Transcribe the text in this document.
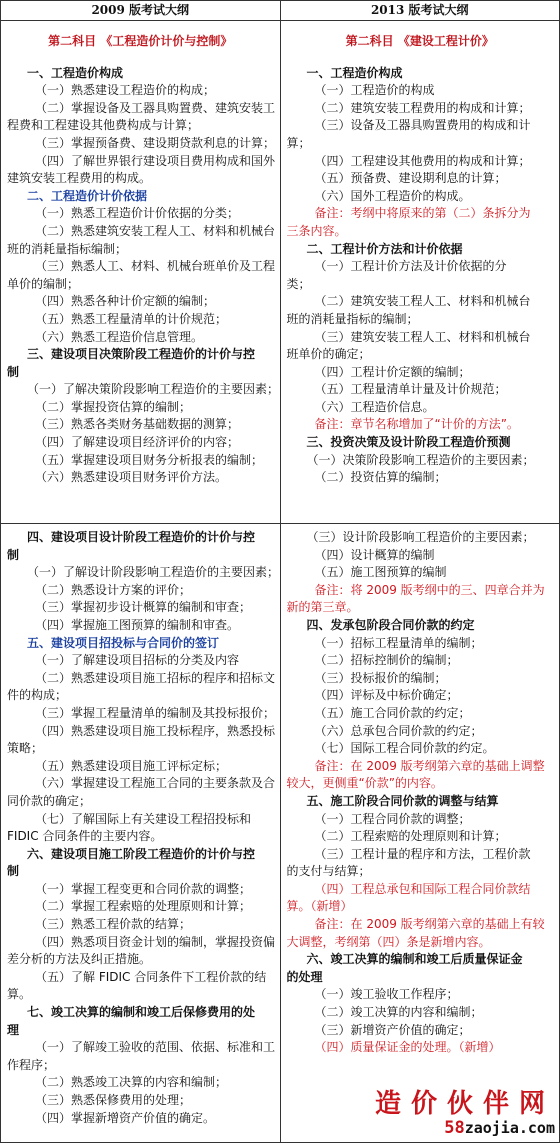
2009 版考试大纲	2013 版考试大纲
第二科目 《工程造价计价与控制》
一、工程造价构成
（一）熟悉建设工程造价的构成；
（二）掌握设备及工器具购置费、建筑安装工
程费和工程建设其他费构成与计算；
（三）掌握预备费、建设期贷款利息的计算；
（四）了解世界银行建设项目费用构成和国外
建筑安装工程费用的构成。
二、工程造价计价依据
（一）熟悉工程造价计价依据的分类；
（二）熟悉建筑安装工程人工、材料和机械台
班的消耗量指标编制；
（三）熟悉人工、材料、机械台班单价及工程
单价的编制；
（四）熟悉各种计价定额的编制；
（五）熟悉工程量清单的计价规范；
（六）熟悉工程造价信息管理。
三、建设项目决策阶段工程造价的计价与控
制
（一）了解决策阶段影响工程造价的主要因素；
（二）掌握投资估算的编制；
（三）熟悉各类财务基础数据的测算；
（四）了解建设项目经济评价的内容；
（五）掌握建设项目财务分析报表的编制；
（六）熟悉建设项目财务评价方法。
四、建设项目设计阶段工程造价的计价与控
制
（一）了解设计阶段影响工程造价的主要因素；
（二）熟悉设计方案的评价；
（三）掌握初步设计概算的编制和审查；
（四）掌握施工图预算的编制和审查。
五、建设项目招投标与合同价的签订
（一）了解建设项目招标的分类及内容
（二）熟悉建设项目施工招标的程序和招标文
件的构成；
（三）掌握工程量清单的编制及其投标报价；
（四）熟悉建设项目施工投标程序，熟悉投标
策略；
（五）熟悉建设项目施工评标定标；
（六）掌握建设工程施工合同的主要条款及合
同价款的确定；
（七）了解国际上有关建设工程招投标和
FIDIC 合同条件的主要内容。
六、建设项目施工阶段工程造价的计价与控
制
（一）掌握工程变更和合同价款的调整；
（二）掌握工程索赔的处理原则和计算；
（三）熟悉工程价款的结算；
（四）熟悉项目资金计划的编制，掌握投资偏
差分析的方法及纠正措施。
（五）了解 FIDIC 合同条件下工程价款的结
算。
七、竣工决算的编制和竣工后保修费用的处
理
（一）了解竣工验收的范围、依据、标准和工
作程序；
（二）熟悉竣工决算的内容和编制；
（三）熟悉保修费用的处理；
（四）掌握新增资产价值的确定。
第二科目 《建设工程计价》
一、工程造价构成
（一）工程造价的构成
（二）建筑安装工程费用的构成和计算；
（三）设备及工器具购置费用的构成和计
算；
（四）工程建设其他费用的构成和计算；
（五）预备费、建设期利息的计算；
（六）国外工程造价的构成。
备注：考纲中将原来的第（二）条拆分为
三条内容。
二、工程计价方法和计价依据
（一）工程计价方法及计价依据的分
类；
（二）建筑安装工程人工、材料和机械台
班的消耗量指标的编制；
（三）建筑安装工程人工、材料和机械台
班单价的确定；
（四）工程计价定额的编制；
（五）工程量清单计量及计价规范；
（六）工程造价信息。
备注：章节名称增加了“计价的方法”。
三、投资决策及设计阶段工程造价预测
（一）决策阶段影响工程造价的主要因素；
（二）投资估算的编制；
（三）设计阶段影响工程造价的主要因素；
（四）设计概算的编制
（五）施工图预算的编制
备注：将 2009 版考纲中的三、四章合并为
新的第三章。
四、发承包阶段合同价款的约定
（一）招标工程量清单的编制；
（二）招标控制价的编制；
（三）投标报价的编制；
（四）评标及中标价确定；
（五）施工合同价款的约定；
（六）总承包合同价款的约定；
（七）国际工程合同价款的约定。
备注：在 2009 版考纲第六章的基础上调整
较大，更侧重“价款”的内容。
五、施工阶段合同价款的调整与结算
（一）工程合同价款的调整；
（二）工程索赔的处理原则和计算；
（三）工程计量的程序和方法，工程价款
的支付与结算；
（四）工程总承包和国际工程合同价款结
算。（新增）
备注：在 2009 版考纲第六章的基础上有较
大调整，考纲第（四）条是新增内容。
六、竣工决算的编制和竣工后质量保证金
的处理
（一）竣工验收工作程序；
（二）竣工决算的内容和编制；
（三）新增资产价值的确定；
（四）质量保证金的处理。（新增）
造价伙伴网
58zaojia.com
